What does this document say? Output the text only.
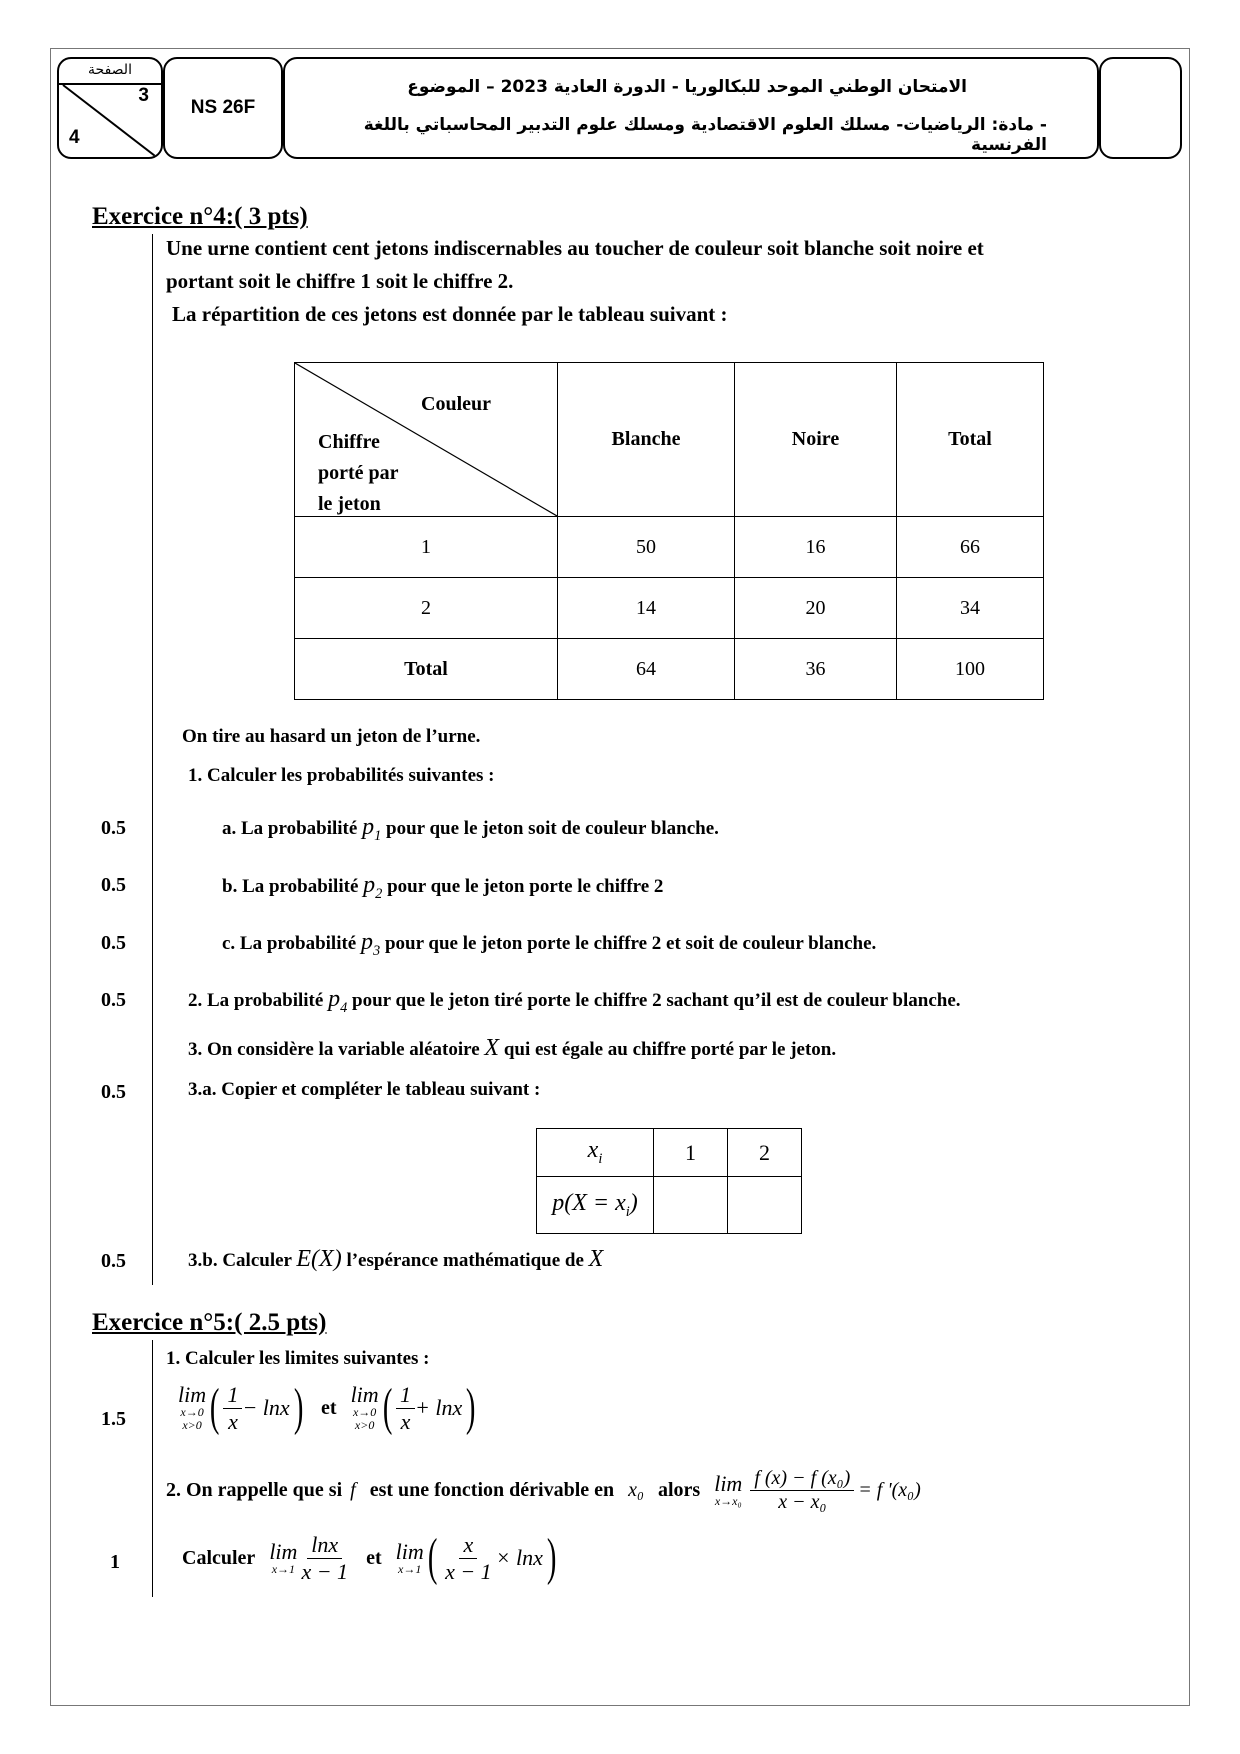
الصفحة
3
4
NS 26F
الامتحان الوطني الموحد للبكالوريا - الدورة العادية 2023 – الموضوع
- مادة: الرياضيات- مسلك العلوم الاقتصادية ومسلك علوم التدبير المحاسباتي باللغة الفرنسية
Exercice n°4:( 3 pts)
Une urne contient cent jetons indiscernables au toucher de couleur soit blanche soit noire et
portant soit le chiffre 1 soit le chiffre 2.
La répartition de ces jetons est donnée par le tableau suivant :
Couleur
Chiffre
porté par
le jeton	Blanche	Noire	Total
1	50	16	66
2	14	20	34
Total	64	36	100
On tire au hasard un jeton de l’urne.
1. Calculer les probabilités suivantes :
0.5	a. La probabilité $p_1$ pour que le jeton soit de couleur blanche.
0.5	b. La probabilité $p_2$ pour que le jeton porte le chiffre 2
0.5	c. La probabilité $p_3$ pour que le jeton porte le chiffre 2 et soit de couleur blanche.
0.5	2. La probabilité $p_4$ pour que le jeton tiré porte le chiffre 2 sachant qu’il est de couleur blanche.
3. On considère la variable aléatoire X qui est égale au chiffre porté par le jeton.
0.5	3.a. Copier et compléter le tableau suivant :
$x_i$	1	2
$p(X = x_i)$		
0.5	3.b. Calculer E(X) l’espérance mathématique de X
Exercice n°5:( 2.5 pts)
1. Calculer les limites suivantes :
1.5
lim
x→0
x>0 ( $\frac{1}{x} - \ln x$ ) et
lim
x→0
x>0 ( $\frac{1}{x} + \ln x$ )
2. On rappelle que si f est une fonction dérivable en x₀ alors lim
$x\to x_0 \frac{\text{f (x) − f (x₀)}}{\text{x − x₀}} = f$ '(x₀)
1	Calculer lim
$x\to 1 \frac{\ln x}{x - 1}$ et lim
x→1 ( $\frac{x}{x - 1} \times \ln x$ )
